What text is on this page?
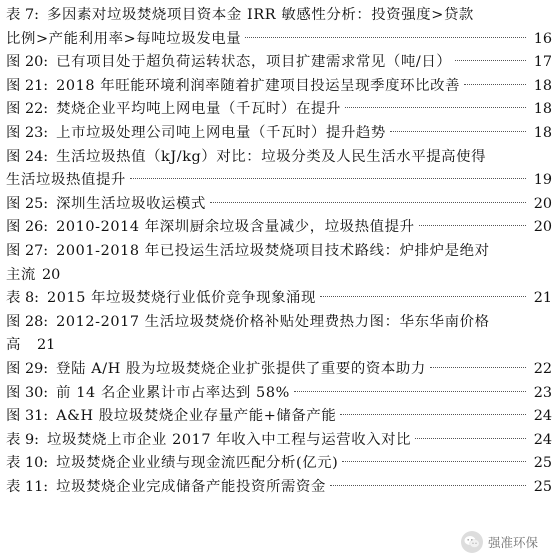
表 7: 多因素对垃圾焚烧项目资本金 IRR 敏感性分析：投资强度>贷款
比例>产能利用率>每吨垃圾发电量	16
图 20: 已有项目处于超负荷运转状态，项目扩建需求常见（吨/日）	17
图 21: 2018 年旺能环境利润率随着扩建项目投运呈现季度环比改善	18
图 22: 焚烧企业平均吨上网电量（千瓦时）在提升	18
图 23: 上市垃圾处理公司吨上网电量（千瓦时）提升趋势	18
图 24: 生活垃圾热值（kJ/kg）对比：垃圾分类及人民生活水平提高使得
生活垃圾热值提升	19
图 25: 深圳生活垃圾收运模式	20
图 26: 2010-2014 年深圳厨余垃圾含量减少，垃圾热值提升	20
图 27: 2001-2018 年已投运生活垃圾焚烧项目技术路线：炉排炉是绝对
主流 20
表 8: 2015 年垃圾焚烧行业低价竞争现象涌现	21
图 28: 2012-2017 生活垃圾焚烧价格补贴处理费热力图：华东华南价格
高 21
图 29: 登陆 A/H 股为垃圾焚烧企业扩张提供了重要的资本助力	22
图 30: 前 14 名企业累计市占率达到 58%	23
图 31: A&H 股垃圾焚烧企业存量产能+储备产能	24
表 9: 垃圾焚烧上市企业 2017 年收入中工程与运营收入对比	24
表 10: 垃圾焚烧企业业绩与现金流匹配分析(亿元)	25
表 11: 垃圾焚烧企业完成储备产能投资所需资金	25
强准环保
